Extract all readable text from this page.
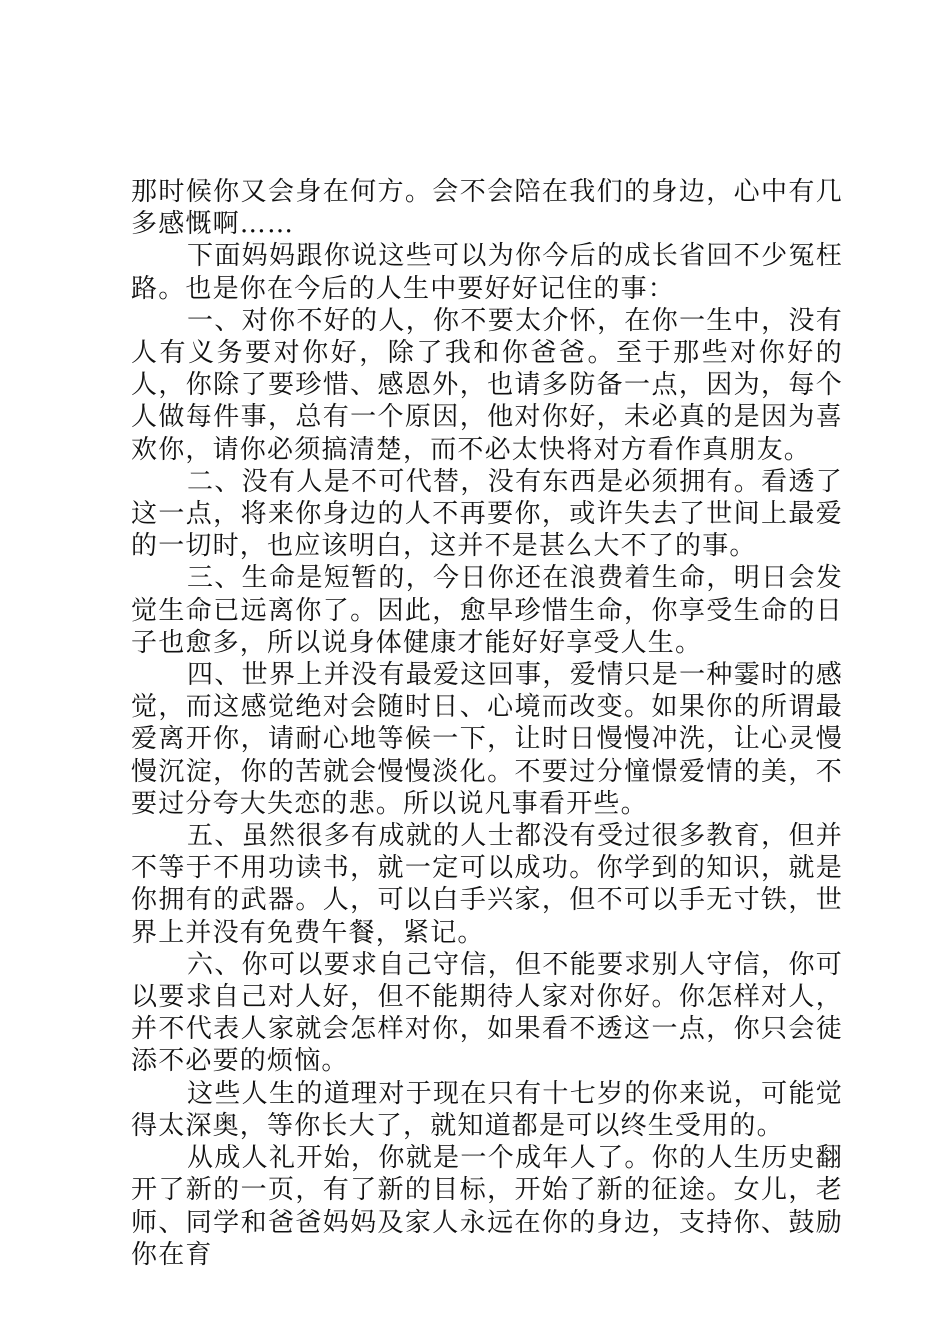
那时候你又会身在何方。会不会陪在我们的身边，心中有几多感慨啊……

下面妈妈跟你说这些可以为你今后的成长省回不少冤枉路。也是你在今后的人生中要好好记住的事：

一、对你不好的人，你不要太介怀，在你一生中，没有人有义务要对你好，除了我和你爸爸。至于那些对你好的人，你除了要珍惜、感恩外，也请多防备一点，因为，每个人做每件事，总有一个原因，他对你好，未必真的是因为喜欢你，请你必须搞清楚，而不必太快将对方看作真朋友。

二、没有人是不可代替，没有东西是必须拥有。看透了这一点，将来你身边的人不再要你，或许失去了世间上最爱的一切时，也应该明白，这并不是甚么大不了的事。

三、生命是短暂的，今日你还在浪费着生命，明日会发觉生命已远离你了。因此，愈早珍惜生命，你享受生命的日子也愈多，所以说身体健康才能好好享受人生。

四、世界上并没有最爱这回事，爱情只是一种霎时的感觉，而这感觉绝对会随时日、心境而改变。如果你的所谓最爱离开你，请耐心地等候一下，让时日慢慢冲洗，让心灵慢慢沉淀，你的苦就会慢慢淡化。不要过分憧憬爱情的美，不要过分夸大失恋的悲。所以说凡事看开些。

五、虽然很多有成就的人士都没有受过很多教育，但并不等于不用功读书，就一定可以成功。你学到的知识，就是你拥有的武器。人，可以白手兴家，但不可以手无寸铁，世界上并没有免费午餐，紧记。

六、你可以要求自己守信，但不能要求别人守信，你可以要求自己对人好，但不能期待人家对你好。你怎样对人，并不代表人家就会怎样对你，如果看不透这一点，你只会徒添不必要的烦恼。

这些人生的道理对于现在只有十七岁的你来说，可能觉得太深奥，等你长大了，就知道都是可以终生受用的。

从成人礼开始，你就是一个成年人了。你的人生历史翻开了新的一页，有了新的目标，开始了新的征途。女儿，老师、同学和爸爸妈妈及家人永远在你的身边，支持你、鼓励你在育
